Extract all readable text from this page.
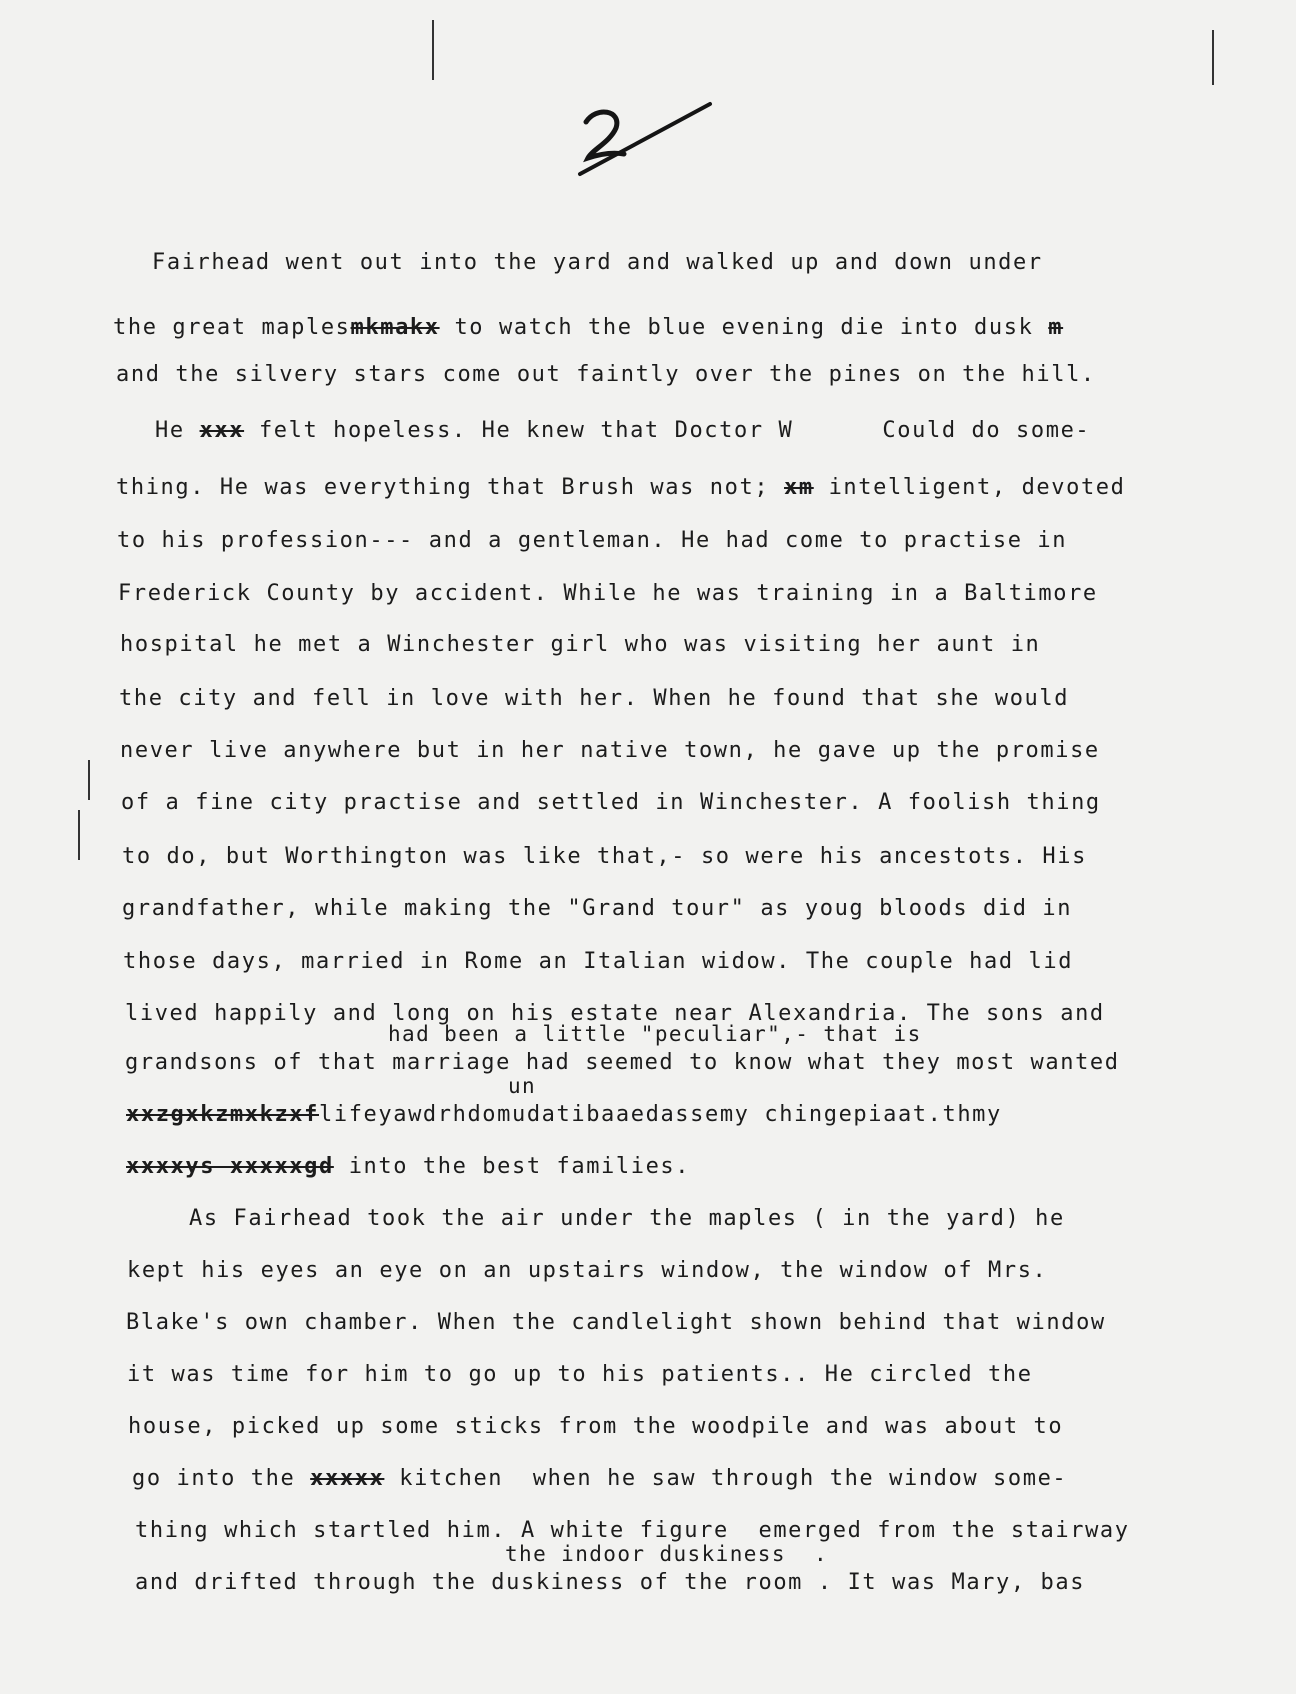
Fairhead went out into the yard and walked up and down under
the great maplesmkmakx to watch the blue evening die into dusk m
and the silvery stars come out faintly over the pines on the hill.
He xxx felt hopeless. He knew that Doctor W      Could do some-
thing. He was everything that Brush was not; xm intelligent, devoted
to his profession--- and a gentleman. He had come to practise in
Frederick County by accident. While he was training in a Baltimore
hospital he met a Winchester girl who was visiting her aunt in
the city and fell in love with her. When he found that she would
never live anywhere but in her native town, he gave up the promise
of a fine city practise and settled in Winchester. A foolish thing
to do, but Worthington was like that,- so were his ancestots. His
grandfather, while making the "Grand tour" as youg bloods did in
those days, married in Rome an Italian widow. The couple had lid
lived happily and long on his estate near Alexandria. The sons and
had been a little "peculiar",- that is
grandsons of that marriage had seemed to know what they most wanted
un
xxzgxkzmxkzxflifeyawdrhdomudatibaaedassemy chingepiaat.thmy
xxxxys xxxxxgd into the best families.
As Fairhead took the air under the maples ( in the yard) he
kept his eyes an eye on an upstairs window, the window of Mrs.
Blake's own chamber. When the candlelight shown behind that window
it was time for him to go up to his patients.. He circled the
house, picked up some sticks from the woodpile and was about to
go into the xxxxx kitchen  when he saw through the window some-
thing which startled him. A white figure  emerged from the stairway
the indoor duskiness  .
and drifted through the duskiness of the room . It was Mary, bas
